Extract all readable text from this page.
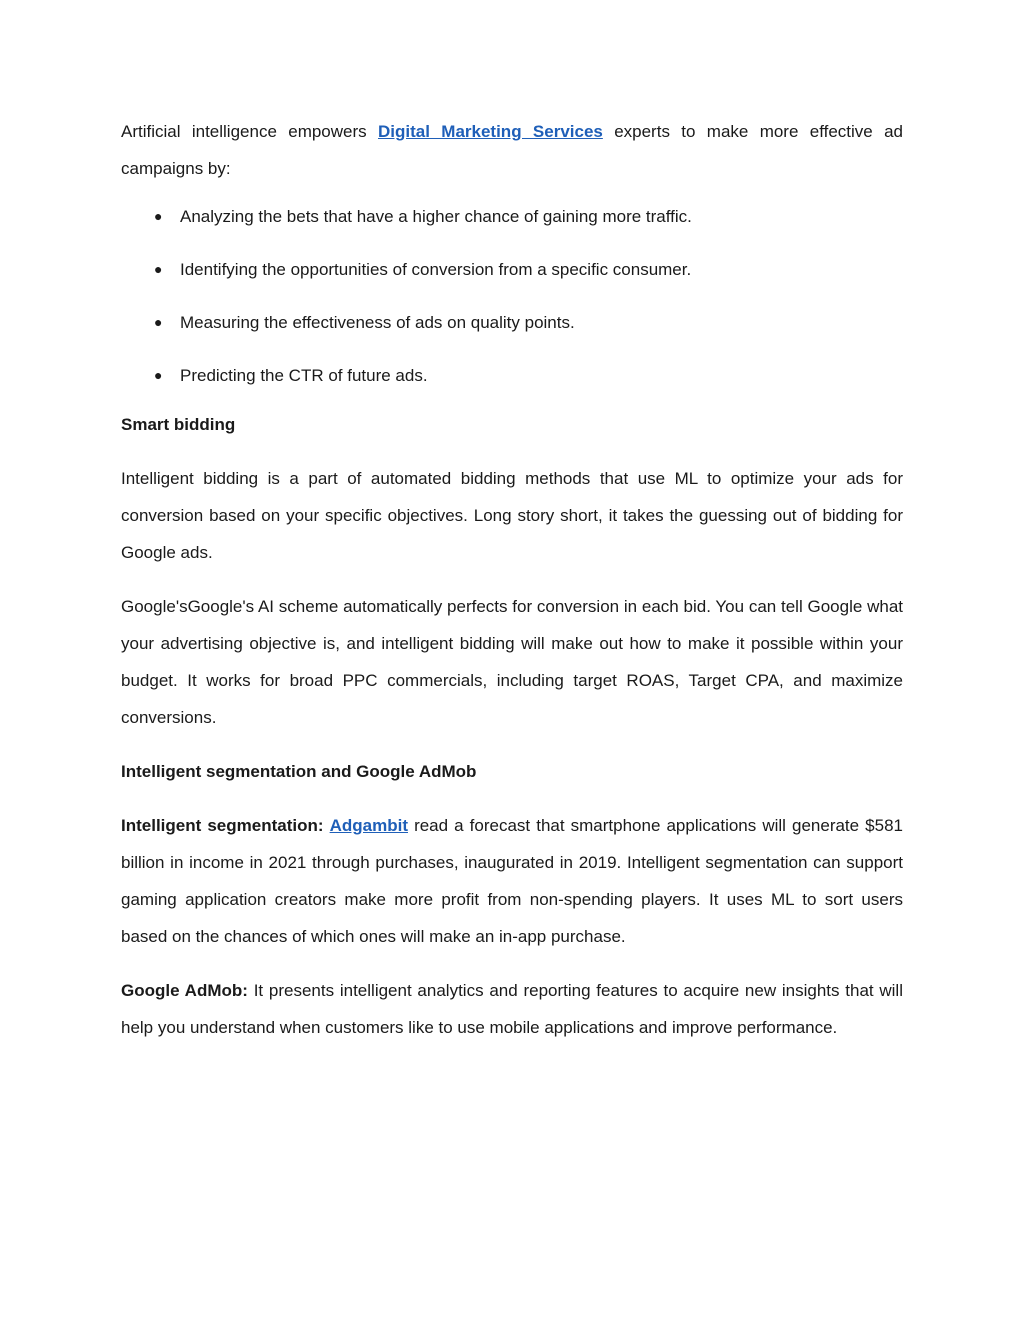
Artificial intelligence empowers Digital Marketing Services experts to make more effective ad campaigns by:

● Analyzing the bets that have a higher chance of gaining more traffic.
● Identifying the opportunities of conversion from a specific consumer.
● Measuring the effectiveness of ads on quality points.
● Predicting the CTR of future ads.
Smart bidding

Intelligent bidding is a part of automated bidding methods that use ML to optimize your ads for conversion based on your specific objectives. Long story short, it takes the guessing out of bidding for Google ads.

Google'sGoogle's AI scheme automatically perfects for conversion in each bid. You can tell Google what your advertising objective is, and intelligent bidding will make out how to make it possible within your budget. It works for broad PPC commercials, including target ROAS, Target CPA, and maximize conversions.

Intelligent segmentation and Google AdMob

Intelligent segmentation: Adgambit read a forecast that smartphone applications will generate $581 billion in income in 2021 through purchases, inaugurated in 2019. Intelligent segmentation can support gaming application creators make more profit from non-spending players. It uses ML to sort users based on the chances of which ones will make an in-app purchase.

Google AdMob: It presents intelligent analytics and reporting features to acquire new insights that will help you understand when customers like to use mobile applications and improve performance.
